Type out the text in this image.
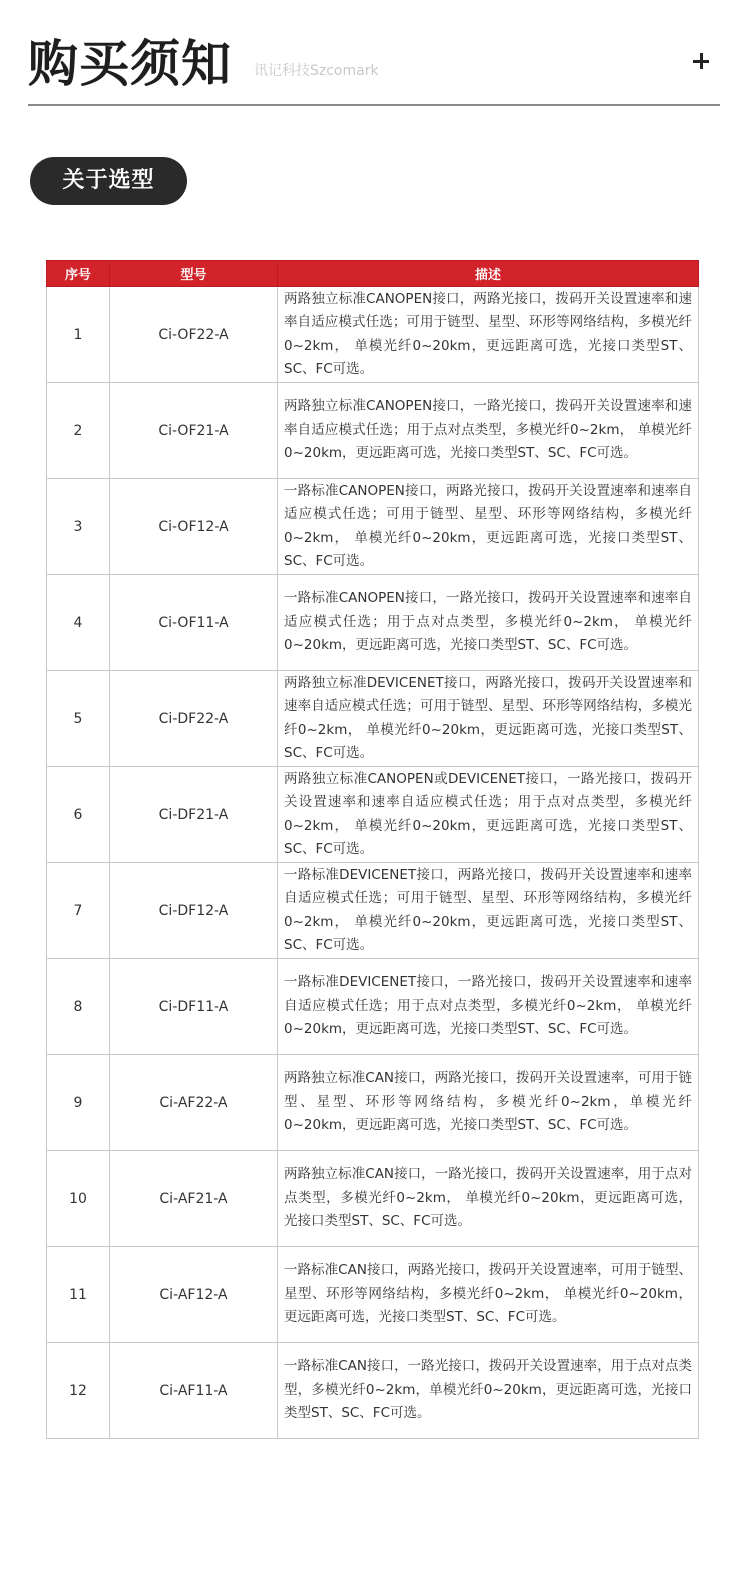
购买须知 讯记科技Szcomark
关于选型
序号	型号	描述
1	Ci-OF22-A	两路独立标准CANOPEN接口，两路光接口，拨码开关设置速率和速率自适应模式任选；可用于链型、星型、环形等网络结构，多模光纤0~2km， 单模光纤0~20km，更远距离可选，光接口类型ST、SC、FC可选。
2	Ci-OF21-A	两路独立标准CANOPEN接口，一路光接口，拨码开关设置速率和速率自适应模式任选；用于点对点类型，多模光纤0~2km， 单模光纤0~20km，更远距离可选，光接口类型ST、SC、FC可选。
3	Ci-OF12-A	一路标准CANOPEN接口，两路光接口，拨码开关设置速率和速率自适应模式任选；可用于链型、星型、环形等网络结构，多模光纤0~2km， 单模光纤0~20km，更远距离可选，光接口类型ST、SC、FC可选。
4	Ci-OF11-A	一路标准CANOPEN接口，一路光接口，拨码开关设置速率和速率自适应模式任选；用于点对点类型，多模光纤0~2km， 单模光纤0~20km，更远距离可选，光接口类型ST、SC、FC可选。
5	Ci-DF22-A	两路独立标准DEVICENET接口，两路光接口，拨码开关设置速率和速率自适应模式任选；可用于链型、星型、环形等网络结构，多模光纤0~2km， 单模光纤0~20km，更远距离可选，光接口类型ST、SC、FC可选。
6	Ci-DF21-A	两路独立标准CANOPEN或DEVICENET接口，一路光接口，拨码开关设置速率和速率自适应模式任选；用于点对点类型，多模光纤0~2km， 单模光纤0~20km，更远距离可选，光接口类型ST、SC、FC可选。
7	Ci-DF12-A	一路标准DEVICENET接口，两路光接口，拨码开关设置速率和速率自适应模式任选；可用于链型、星型、环形等网络结构，多模光纤0~2km， 单模光纤0~20km，更远距离可选，光接口类型ST、SC、FC可选。
8	Ci-DF11-A	一路标准DEVICENET接口，一路光接口，拨码开关设置速率和速率自适应模式任选；用于点对点类型，多模光纤0~2km， 单模光纤0~20km，更远距离可选，光接口类型ST、SC、FC可选。
9	Ci-AF22-A	两路独立标准CAN接口，两路光接口，拨码开关设置速率，可用于链型、星型、环形等网络结构，多模光纤0~2km，单模光纤0~20km，更远距离可选，光接口类型ST、SC、FC可选。
10	Ci-AF21-A	两路独立标准CAN接口，一路光接口，拨码开关设置速率，用于点对点类型，多模光纤0~2km， 单模光纤0~20km，更远距离可选，光接口类型ST、SC、FC可选。
11	Ci-AF12-A	一路标准CAN接口，两路光接口，拨码开关设置速率，可用于链型、星型、环形等网络结构，多模光纤0~2km， 单模光纤0~20km，更远距离可选，光接口类型ST、SC、FC可选。
12	Ci-AF11-A	一路标准CAN接口，一路光接口，拨码开关设置速率，用于点对点类型，多模光纤0~2km，单模光纤0~20km，更远距离可选，光接口类型ST、SC、FC可选。
